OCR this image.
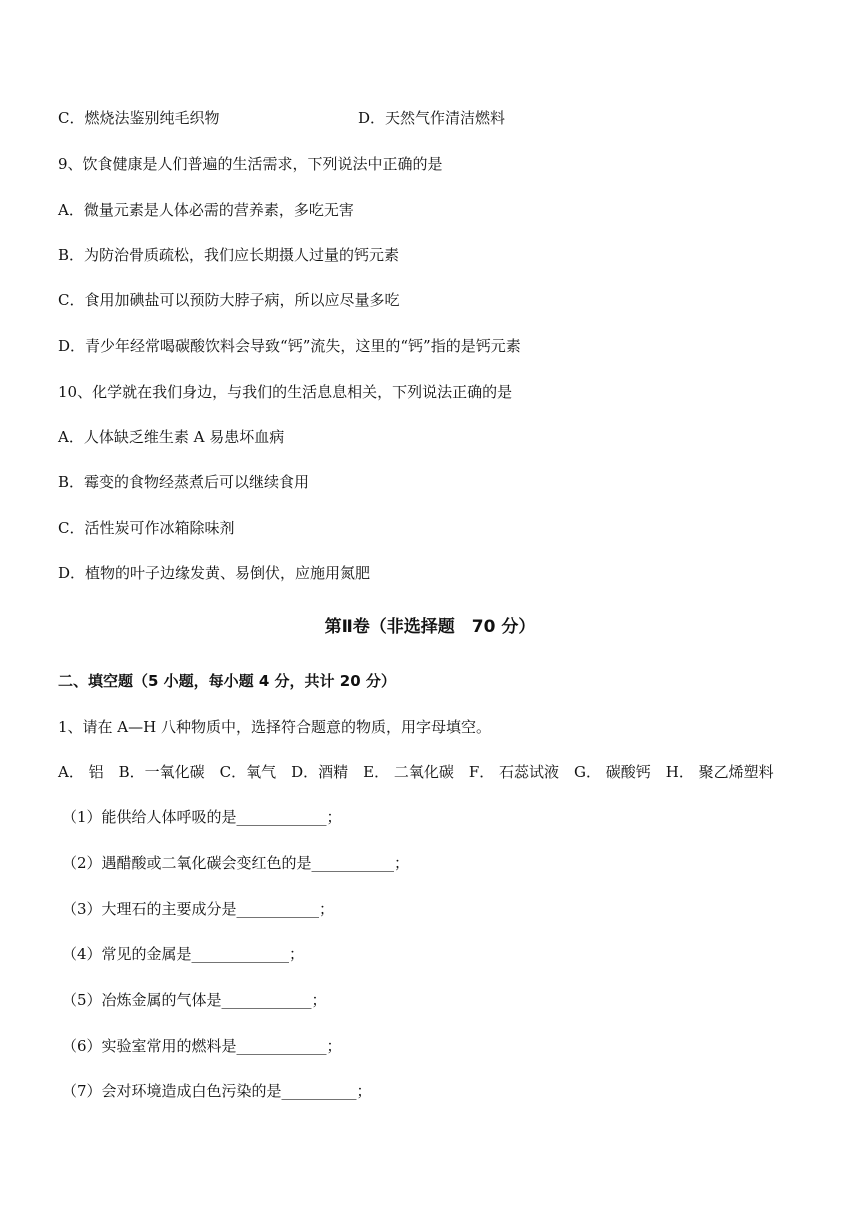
C．燃烧法鉴别纯毛织物	D．天然气作清洁燃料
9、饮食健康是人们普遍的生活需求，下列说法中正确的是
A．微量元素是人体必需的营养素，多吃无害
B．为防治骨质疏松，我们应长期摄人过量的钙元素
C．食用加碘盐可以预防大脖子病，所以应尽量多吃
D．青少年经常喝碳酸饮料会导致“钙”流失，这里的“钙”指的是钙元素
10、化学就在我们身边，与我们的生活息息相关，下列说法正确的是
A．人体缺乏维生素 A 易患坏血病
B．霉变的食物经蒸煮后可以继续食用
C．活性炭可作冰箱除味剂
D．植物的叶子边缘发黄、易倒伏，应施用氮肥
第Ⅱ卷（非选择题　70 分）
二、填空题（5 小题，每小题 4 分，共计 20 分）
1、请在 A—H 八种物质中，选择符合题意的物质，用字母填空。
A． 铝　B．一氧化碳　C．氧气　D．酒精　E． 二氧化碳　F． 石蕊试液　G． 碳酸钙　H． 聚乙烯塑料
（1）能供给人体呼吸的是____________；
（2）遇醋酸或二氧化碳会变红色的是___________；
（3）大理石的主要成分是___________；
（4）常见的金属是_____________；
（5）冶炼金属的气体是____________；
（6）实验室常用的燃料是____________；
（7）会对环境造成白色污染的是__________；
